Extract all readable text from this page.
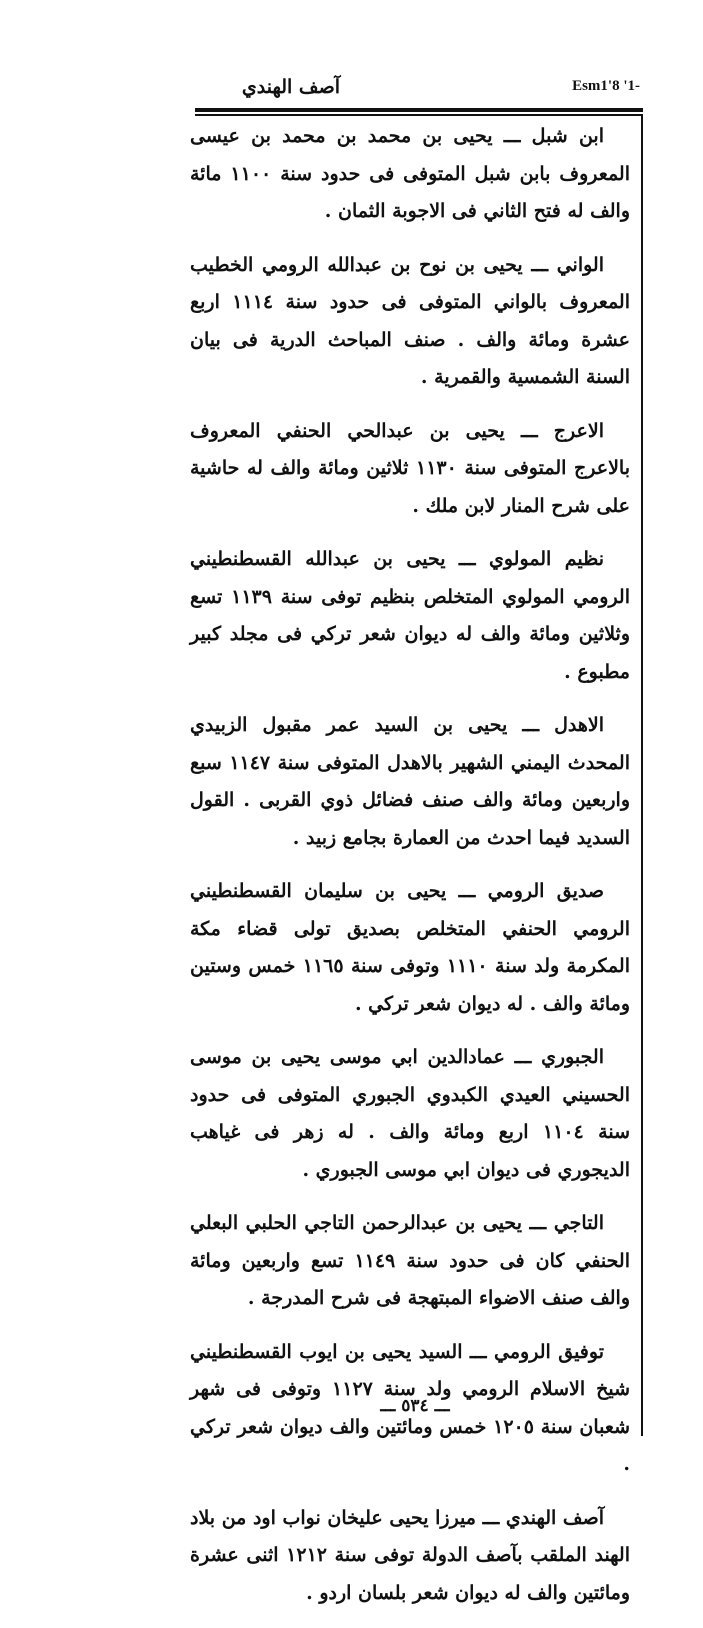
آصف الهندي	Esm1'8 '1-

ابن شبل ـــ يحيى بن محمد بن محمد بن عيسى المعروف بابن شبل المتوفى فى حدود سنة ١١٠٠ مائة والف له فتح الثاني فى الاجوبة الثمان .

الواني ـــ يحيى بن نوح بن عبدالله الرومي الخطيب المعروف بالواني المتوفى فى حدود سنة ١١١٤ اربع عشرة ومائة والف . صنف المباحث الدرية فى بيان السنة الشمسية والقمرية .

الاعرج ـــ يحيى بن عبدالحي الحنفي المعروف بالاعرج المتوفى سنة ١١٣٠ ثلاثين ومائة والف له حاشية على شرح المنار لابن ملك .

نظيم المولوي ـــ يحيى بن عبدالله القسطنطيني الرومي المولوي المتخلص بنظيم توفى سنة ١١٣٩ تسع وثلاثين ومائة والف له ديوان شعر تركي فى مجلد كبير مطبوع .

الاهدل ـــ يحيى بن السيد عمر مقبول الزبيدي المحدث اليمني الشهير بالاهدل المتوفى سنة ١١٤٧ سبع واربعين ومائة والف صنف فضائل ذوي القربى . القول السديد فيما احدث من العمارة بجامع زبيد .

صديق الرومي ـــ يحيى بن سليمان القسطنطيني الرومي الحنفي المتخلص بصديق تولى قضاء مكة المكرمة ولد سنة ١١١٠ وتوفى سنة ١١٦٥ خمس وستين ومائة والف . له ديوان شعر تركي .

الجبوري ـــ عمادالدين ابي موسى يحيى بن موسى الحسيني العيدي الكبدوي الجبوري المتوفى فى حدود سنة ١١٠٤ اربع ومائة والف . له زهر فى غياهب الديجوري فى ديوان ابي موسى الجبوري .

التاجي ـــ يحيى بن عبدالرحمن التاجي الحلبي البعلي الحنفي كان فى حدود سنة ١١٤٩ تسع واربعين ومائة والف صنف الاضواء المبتهجة فى شرح المدرجة .

توفيق الرومي ـــ السيد يحيى بن ايوب القسطنطيني شيخ الاسلام الرومي ولد سنة ١١٢٧ وتوفى فى شهر شعبان سنة ١٢٠٥ خمس ومائتين والف ديوان شعر تركي .

آصف الهندي ـــ ميرزا يحيى عليخان نواب اود من بلاد الهند الملقب بآصف الدولة توفى سنة ١٢١٢ اثنى عشرة ومائتين والف له ديوان شعر بلسان اردو .

ـــ ٥٣٤ ـــ
